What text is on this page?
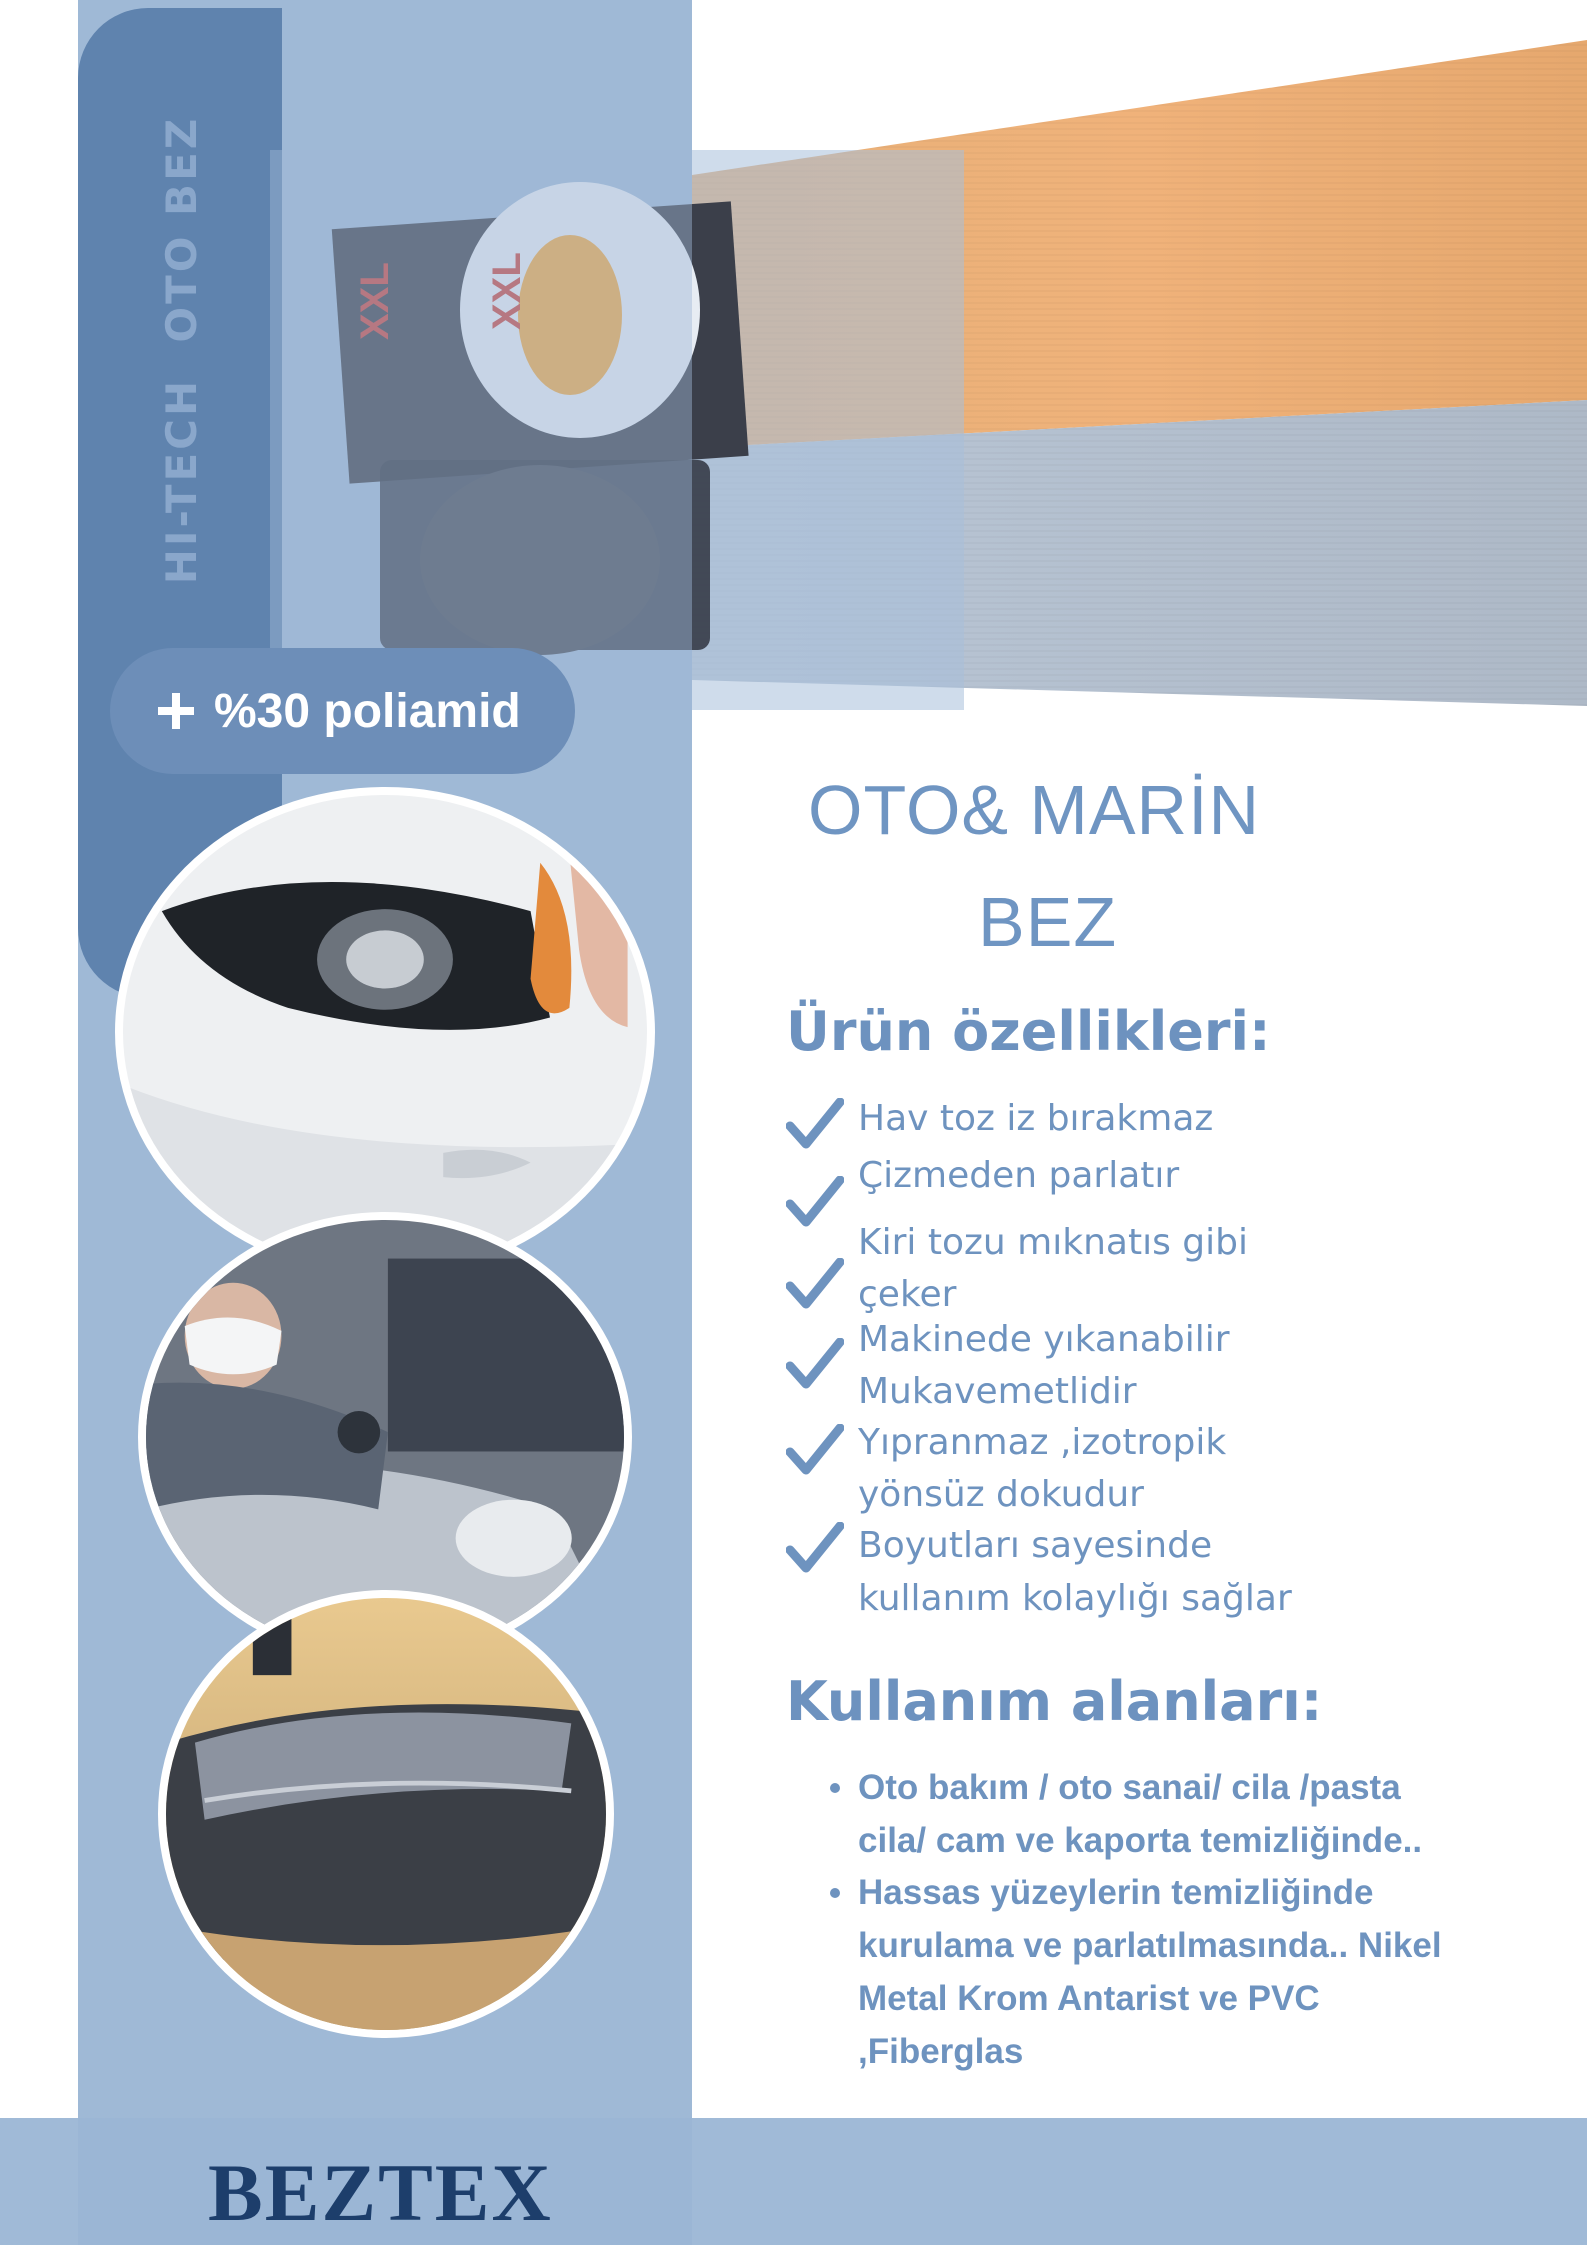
XXL XXL
HI-TECH  OTO BEZ
%30 poliamid
OTO& MARİN
BEZ
Ürün özellikleri:
Hav toz iz bırakmaz
Çizmeden parlatır
Kiri tozu mıknatıs gibi
çeker
Makinede yıkanabilir
Mukavemetlidir
Yıpranmaz ,izotropik
yönsüz dokudur
Boyutları sayesinde
kullanım kolaylığı sağlar
Kullanım alanları:
Oto bakım / oto sanai/ cila /pasta
cila/ cam ve kaporta temizliğinde..
Hassas yüzeylerin temizliğinde
kurulama ve parlatılmasında.. Nikel
Metal Krom Antarist ve PVC
,Fiberglas
BEZTEX
